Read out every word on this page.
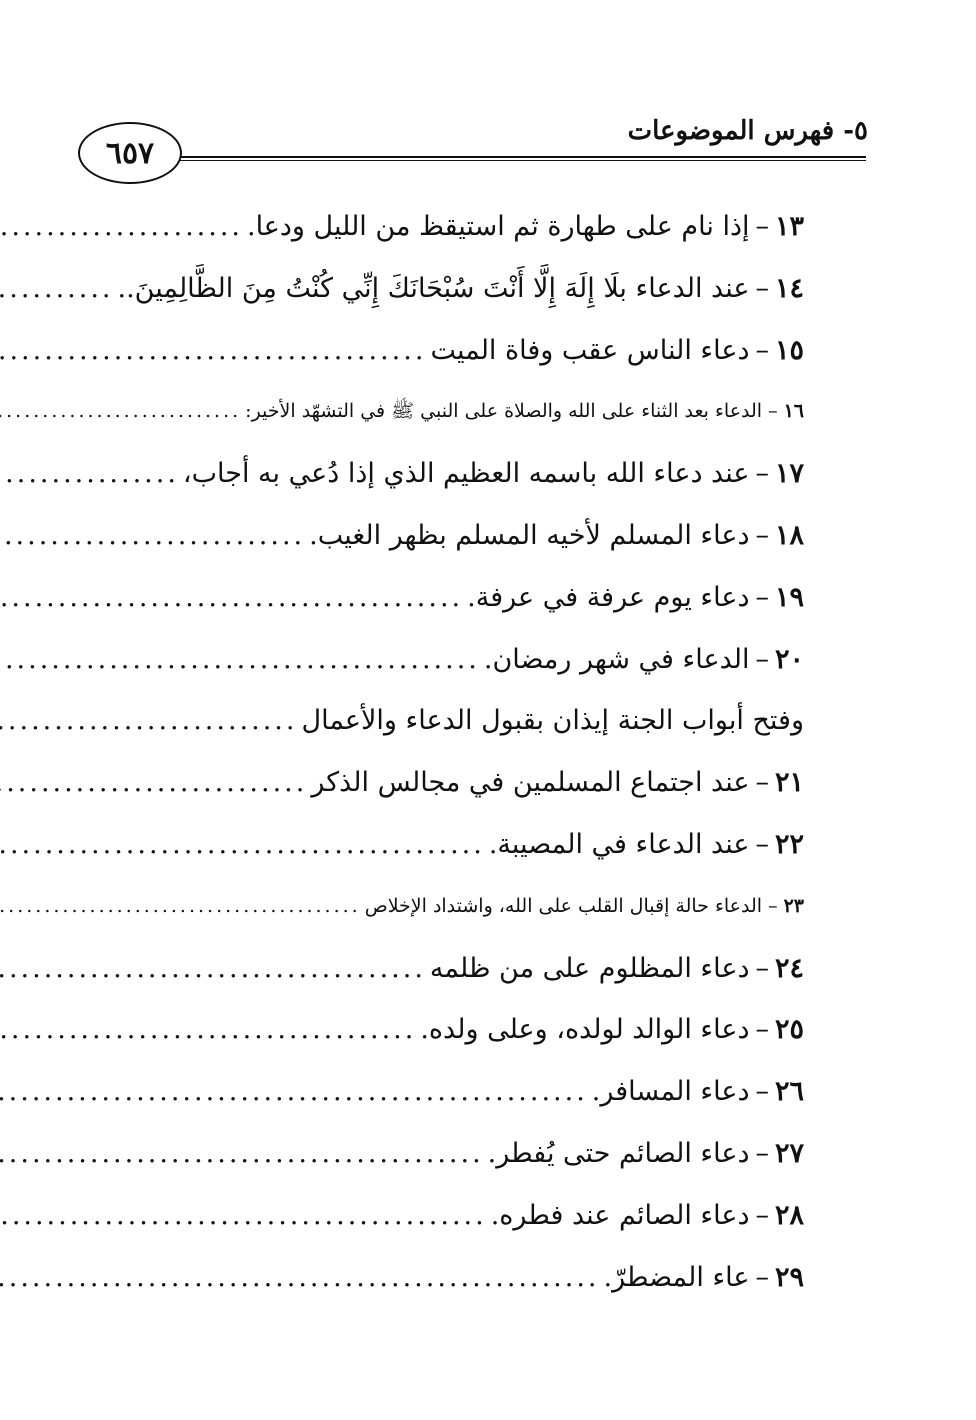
٦٥٧
٥- فهرس الموضوعات
١٣
–
إذا نام على طهارة ثم استيقظ من الليل ودعا.
.....
١٤
–
عند الدعاء بلَا إِلَهَ إِلَّا أَنْتَ سُبْحَانَكَ إِنِّي كُنْتُ مِنَ الظَّالِمِينَ..
.....
١٥
–
دعاء الناس عقب وفاة الميت
.....
١٦
–
الدعاء بعد الثناء على الله والصلاة على النبي ﷺ في التشهّد الأخير:
.....
١٧
–
عند دعاء الله باسمه العظيم الذي إذا دُعي به أجاب،
.....
١٨
–
دعاء المسلم لأخيه المسلم بظهر الغيب.
.....
١٩
–
دعاء يوم عرفة في عرفة.
.....
٢٠
–
الدعاء في شهر رمضان.
.....
وفتح أبواب الجنة إيذان بقبول الدعاء والأعمال
.....
٢١
–
عند اجتماع المسلمين في مجالس الذكر
.....
٢٢
–
عند الدعاء في المصيبة.
.....
٢٣
–
الدعاء حالة إقبال القلب على الله، واشتداد الإخلاص
.....
٢٤
–
دعاء المظلوم على من ظلمه
.....
٢٥
–
دعاء الوالد لولده، وعلى ولده.
.....
٢٦
–
دعاء المسافر.
.....
٢٧
–
دعاء الصائم حتى يُفطر.
.....
٢٨
–
دعاء الصائم عند فطره.
.....
٢٩
–
عاء المضطرّ.
.....
